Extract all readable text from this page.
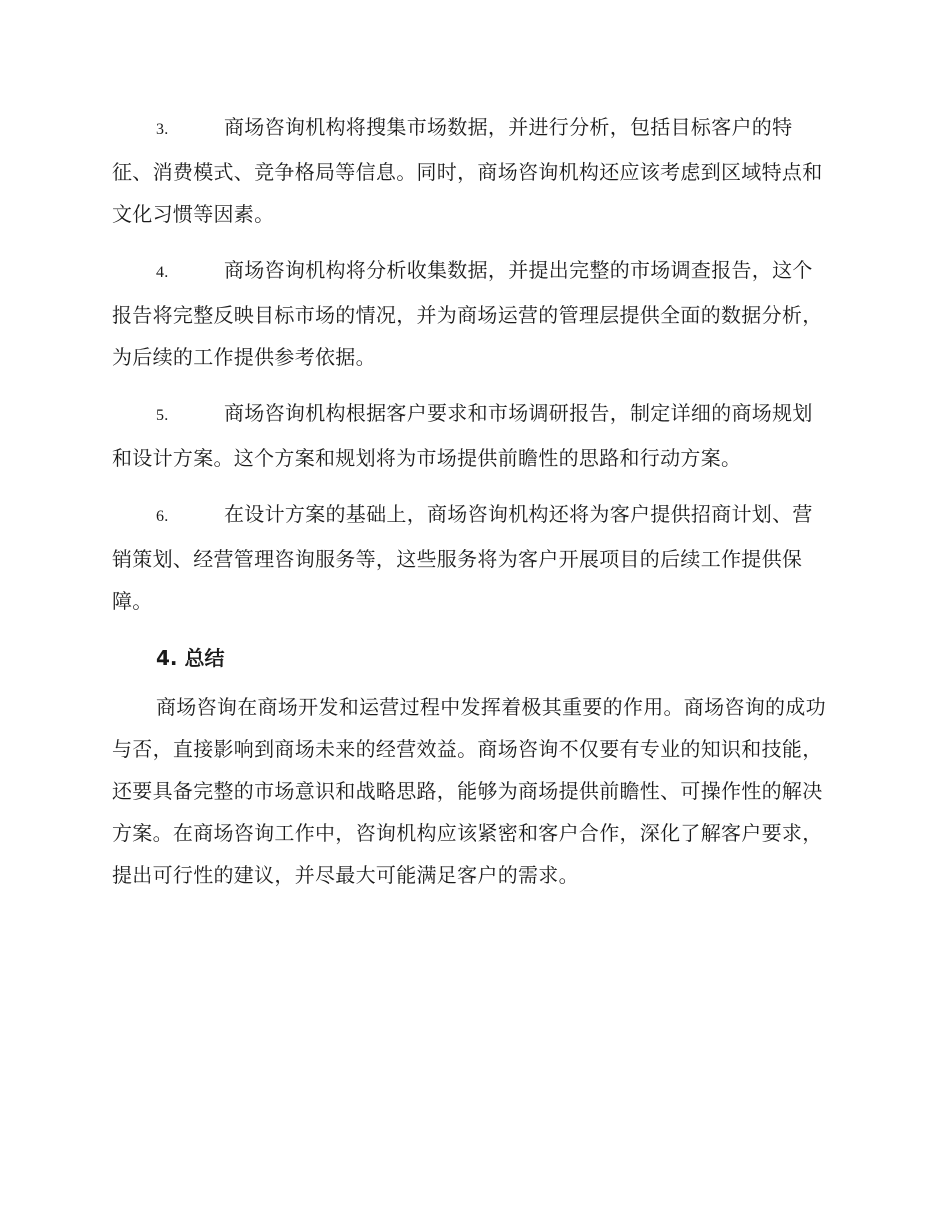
3.	商场咨询机构将搜集市场数据，并进行分析，包括目标客户的特征、消费模式、竞争格局等信息。同时，商场咨询机构还应该考虑到区域特点和文化习惯等因素。

4.	商场咨询机构将分析收集数据，并提出完整的市场调查报告，这个报告将完整反映目标市场的情况，并为商场运营的管理层提供全面的数据分析，为后续的工作提供参考依据。

5.	商场咨询机构根据客户要求和市场调研报告，制定详细的商场规划和设计方案。这个方案和规划将为市场提供前瞻性的思路和行动方案。

6.	在设计方案的基础上，商场咨询机构还将为客户提供招商计划、营销策划、经营管理咨询服务等，这些服务将为客户开展项目的后续工作提供保障。

4. 总结

商场咨询在商场开发和运营过程中发挥着极其重要的作用。商场咨询的成功与否，直接影响到商场未来的经营效益。商场咨询不仅要有专业的知识和技能，还要具备完整的市场意识和战略思路，能够为商场提供前瞻性、可操作性的解决方案。在商场咨询工作中，咨询机构应该紧密和客户合作，深化了解客户要求，提出可行性的建议，并尽最大可能满足客户的需求。
